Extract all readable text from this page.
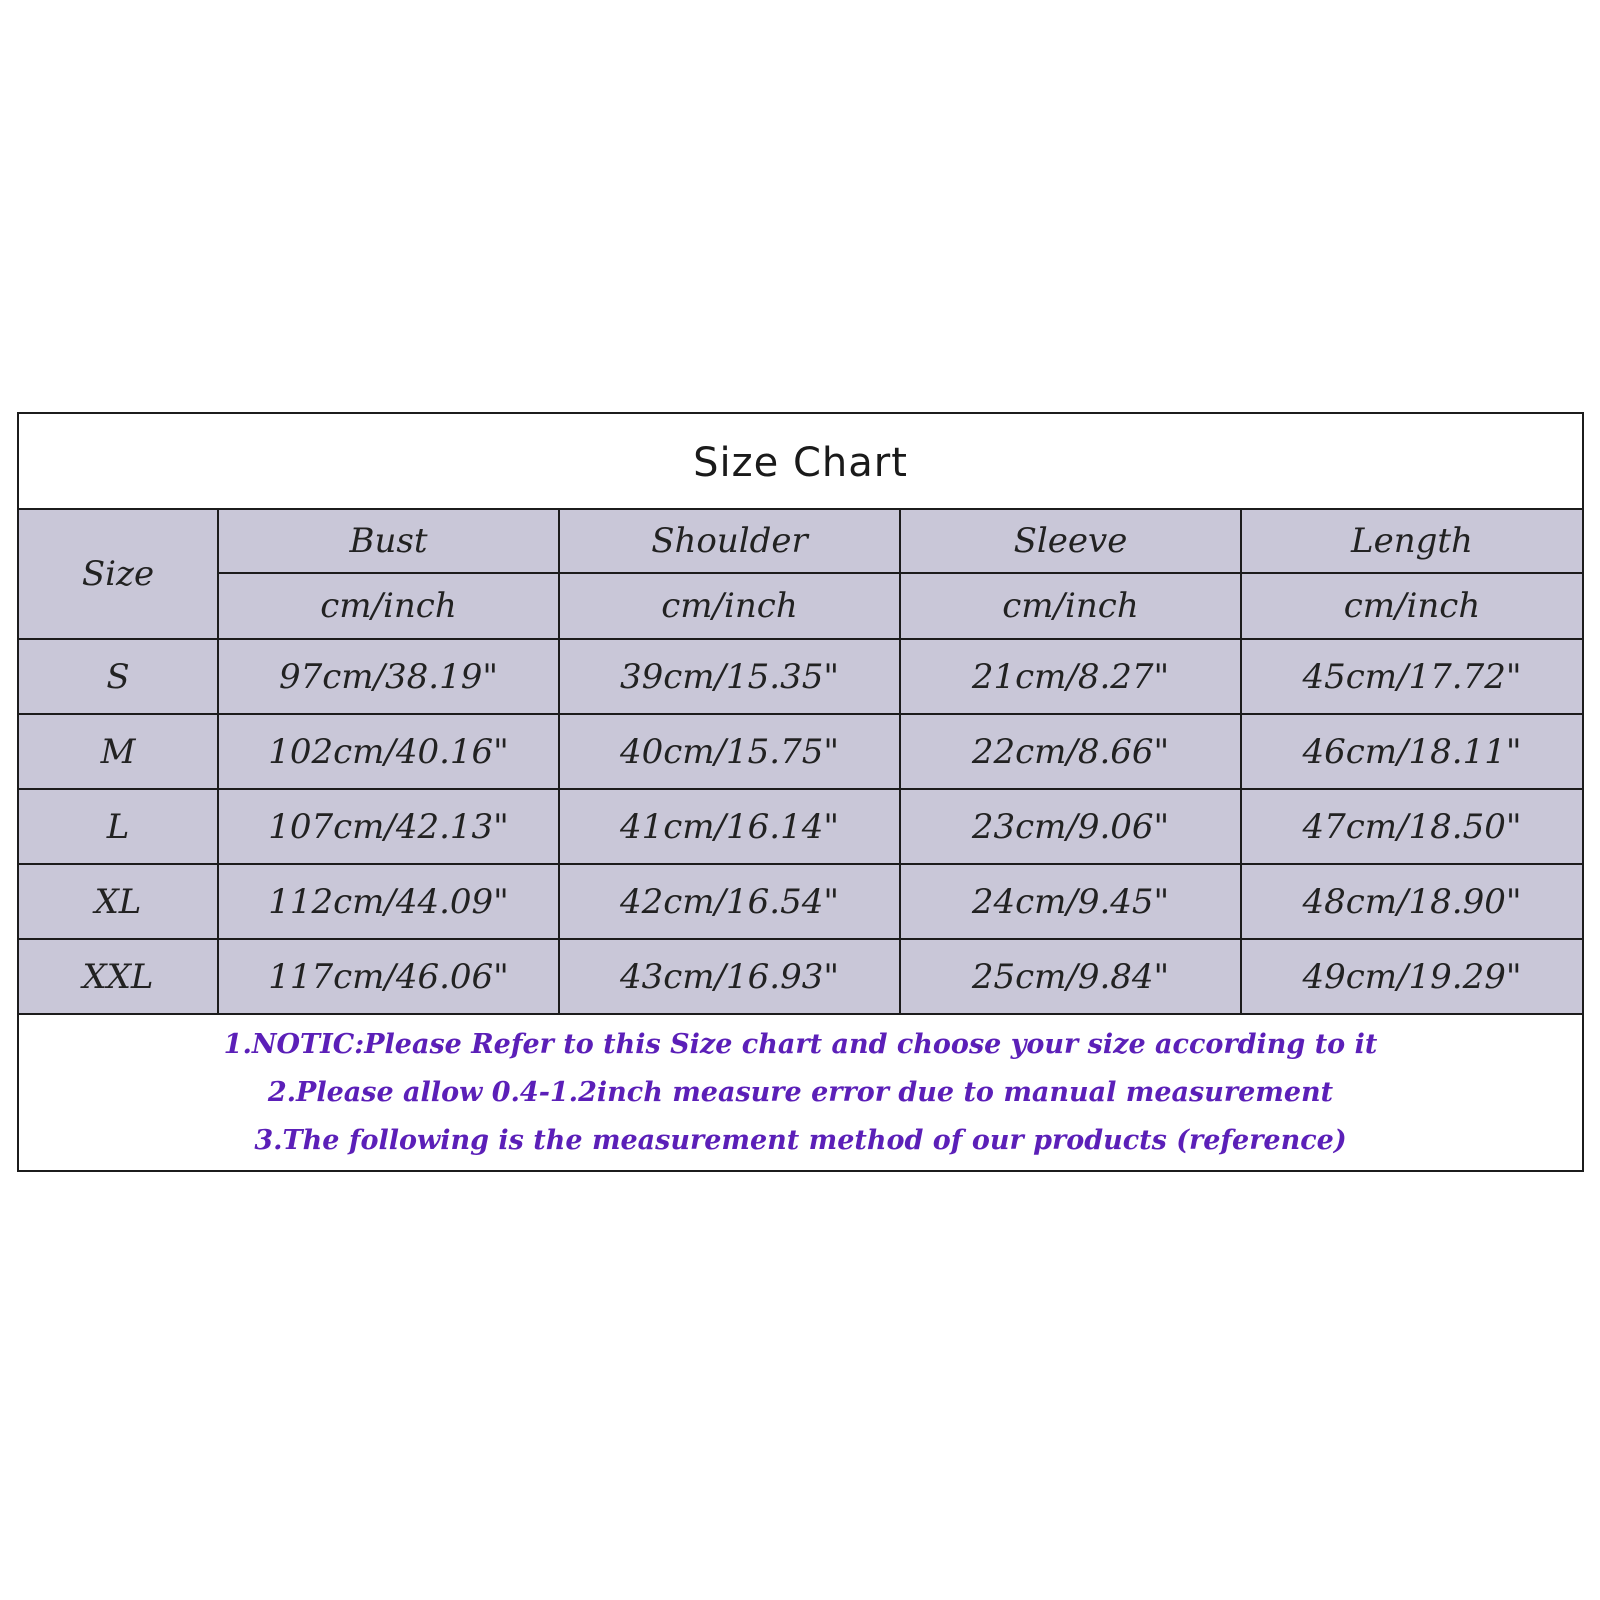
Size Chart
Size	Bust	Shoulder	Sleeve	Length
	cm/inch	cm/inch	cm/inch	cm/inch
S	97cm/38.19"	39cm/15.35"	21cm/8.27"	45cm/17.72"
M	102cm/40.16"	40cm/15.75"	22cm/8.66"	46cm/18.11"
L	107cm/42.13"	41cm/16.14"	23cm/9.06"	47cm/18.50"
XL	112cm/44.09"	42cm/16.54"	24cm/9.45"	48cm/18.90"
XXL	117cm/46.06"	43cm/16.93"	25cm/9.84"	49cm/19.29"
1.NOTIC:Please Refer to this Size chart and choose your size according to it
2.Please allow 0.4-1.2inch measure error due to manual measurement
3.The following is the measurement method of our products (reference)
